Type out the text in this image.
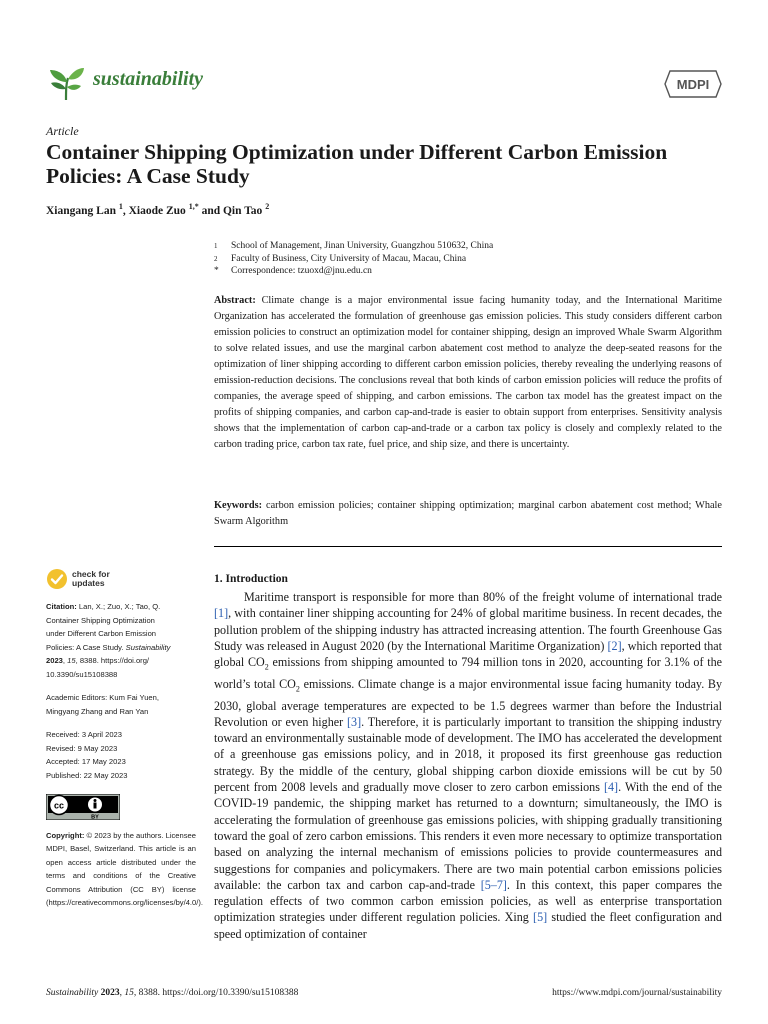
sustainability	MDPI
Article
Container Shipping Optimization under Different Carbon Emission Policies: A Case Study
Xiangang Lan $^1$, Xiaode Zuo $^{1,*}$ and Qin Tao $^2$
1	School of Management, Jinan University, Guangzhou 510632, China
2	Faculty of Business, City University of Macau, Macau, China
*	Correspondence: tzuoxd@jnu.edu.cn
Abstract: Climate change is a major environmental issue facing humanity today, and the International Maritime Organization has accelerated the formulation of greenhouse gas emission policies. This study considers different carbon emission policies to construct an optimization model for container shipping, design an improved Whale Swarm Algorithm to solve related issues, and use the marginal carbon abatement cost method to analyze the deep-seated reasons for the optimization of liner shipping according to different carbon emission policies, thereby revealing the underlying reasons of emission-reduction decisions. The conclusions reveal that both kinds of carbon emission policies will reduce the profits of companies, the average speed of shipping, and carbon emissions. The carbon tax model has the greatest impact on the profits of shipping companies, and carbon cap-and-trade is easier to obtain support from enterprises. Sensitivity analysis shows that the implementation of carbon cap-and-trade or a carbon tax policy is closely and complexly related to the carbon trading price, carbon tax rate, fuel price, and ship size, and there is uncertainty.
Keywords: carbon emission policies; container shipping optimization; marginal carbon abatement cost method; Whale Swarm Algorithm
check for
updates
Citation: Lan, X.; Zuo, X.; Tao, Q.
Container Shipping Optimization
under Different Carbon Emission
Policies: A Case Study. Sustainability
2023, 15, 8388. https://doi.org/
10.3390/su15108388
Academic Editors: Kum Fai Yuen,
Mingyang Zhang and Ran Yan
Received: 3 April 2023
Revised: 9 May 2023
Accepted: 17 May 2023
Published: 22 May 2023
cc
BY
Copyright: © 2023 by the authors. Licensee MDPI, Basel, Switzerland. This article is an open access article distributed under the terms and conditions of the Creative Commons Attribution (CC BY) license (https://creativecommons.org/licenses/by/4.0/).
1. Introduction
Maritime transport is responsible for more than 80% of the freight volume of international trade [1], with container liner shipping accounting for 24% of global maritime business. In recent decades, the pollution problem of the shipping industry has attracted increasing attention. The fourth Greenhouse Gas Study was released in August 2020 (by the International Maritime Organization) [2], which reported that global $CO_2$ emissions from shipping amounted to 794 million tons in 2020, accounting for 3.1% of the world’s total $CO_2$ emissions. Climate change is a major environmental issue facing humanity today. By 2030, global average temperatures are expected to be 1.5 degrees warmer than before the Industrial Revolution or even higher [3]. Therefore, it is particularly important to transition the shipping industry toward an environmentally sustainable mode of development. The IMO has accelerated the development of a greenhouse gas emissions policy, and in 2018, it proposed its first greenhouse gas reduction strategy. By the middle of the century, global shipping carbon dioxide emissions will be cut by 50 percent from 2008 levels and gradually move closer to zero carbon emissions [4]. With the end of the COVID-19 pandemic, the shipping market has returned to a downturn; simultaneously, the IMO is accelerating the formulation of greenhouse gas emissions policies, with shipping gradually transitioning toward the goal of zero carbon emissions. This renders it even more necessary to optimize transportation based on analyzing the internal mechanism of emissions policies to provide countermeasures and suggestions for companies and policymakers. There are two main potential carbon emissions policies available: the carbon tax and carbon cap-and-trade [5–7]. In this context, this paper compares the regulation effects of two common carbon emission policies, as well as enterprise transportation optimization strategies under different regulation policies. Xing [5] studied the fleet configuration and speed optimization of container
Sustainability 2023, 15, 8388. https://doi.org/10.3390/su15108388	https://www.mdpi.com/journal/sustainability
